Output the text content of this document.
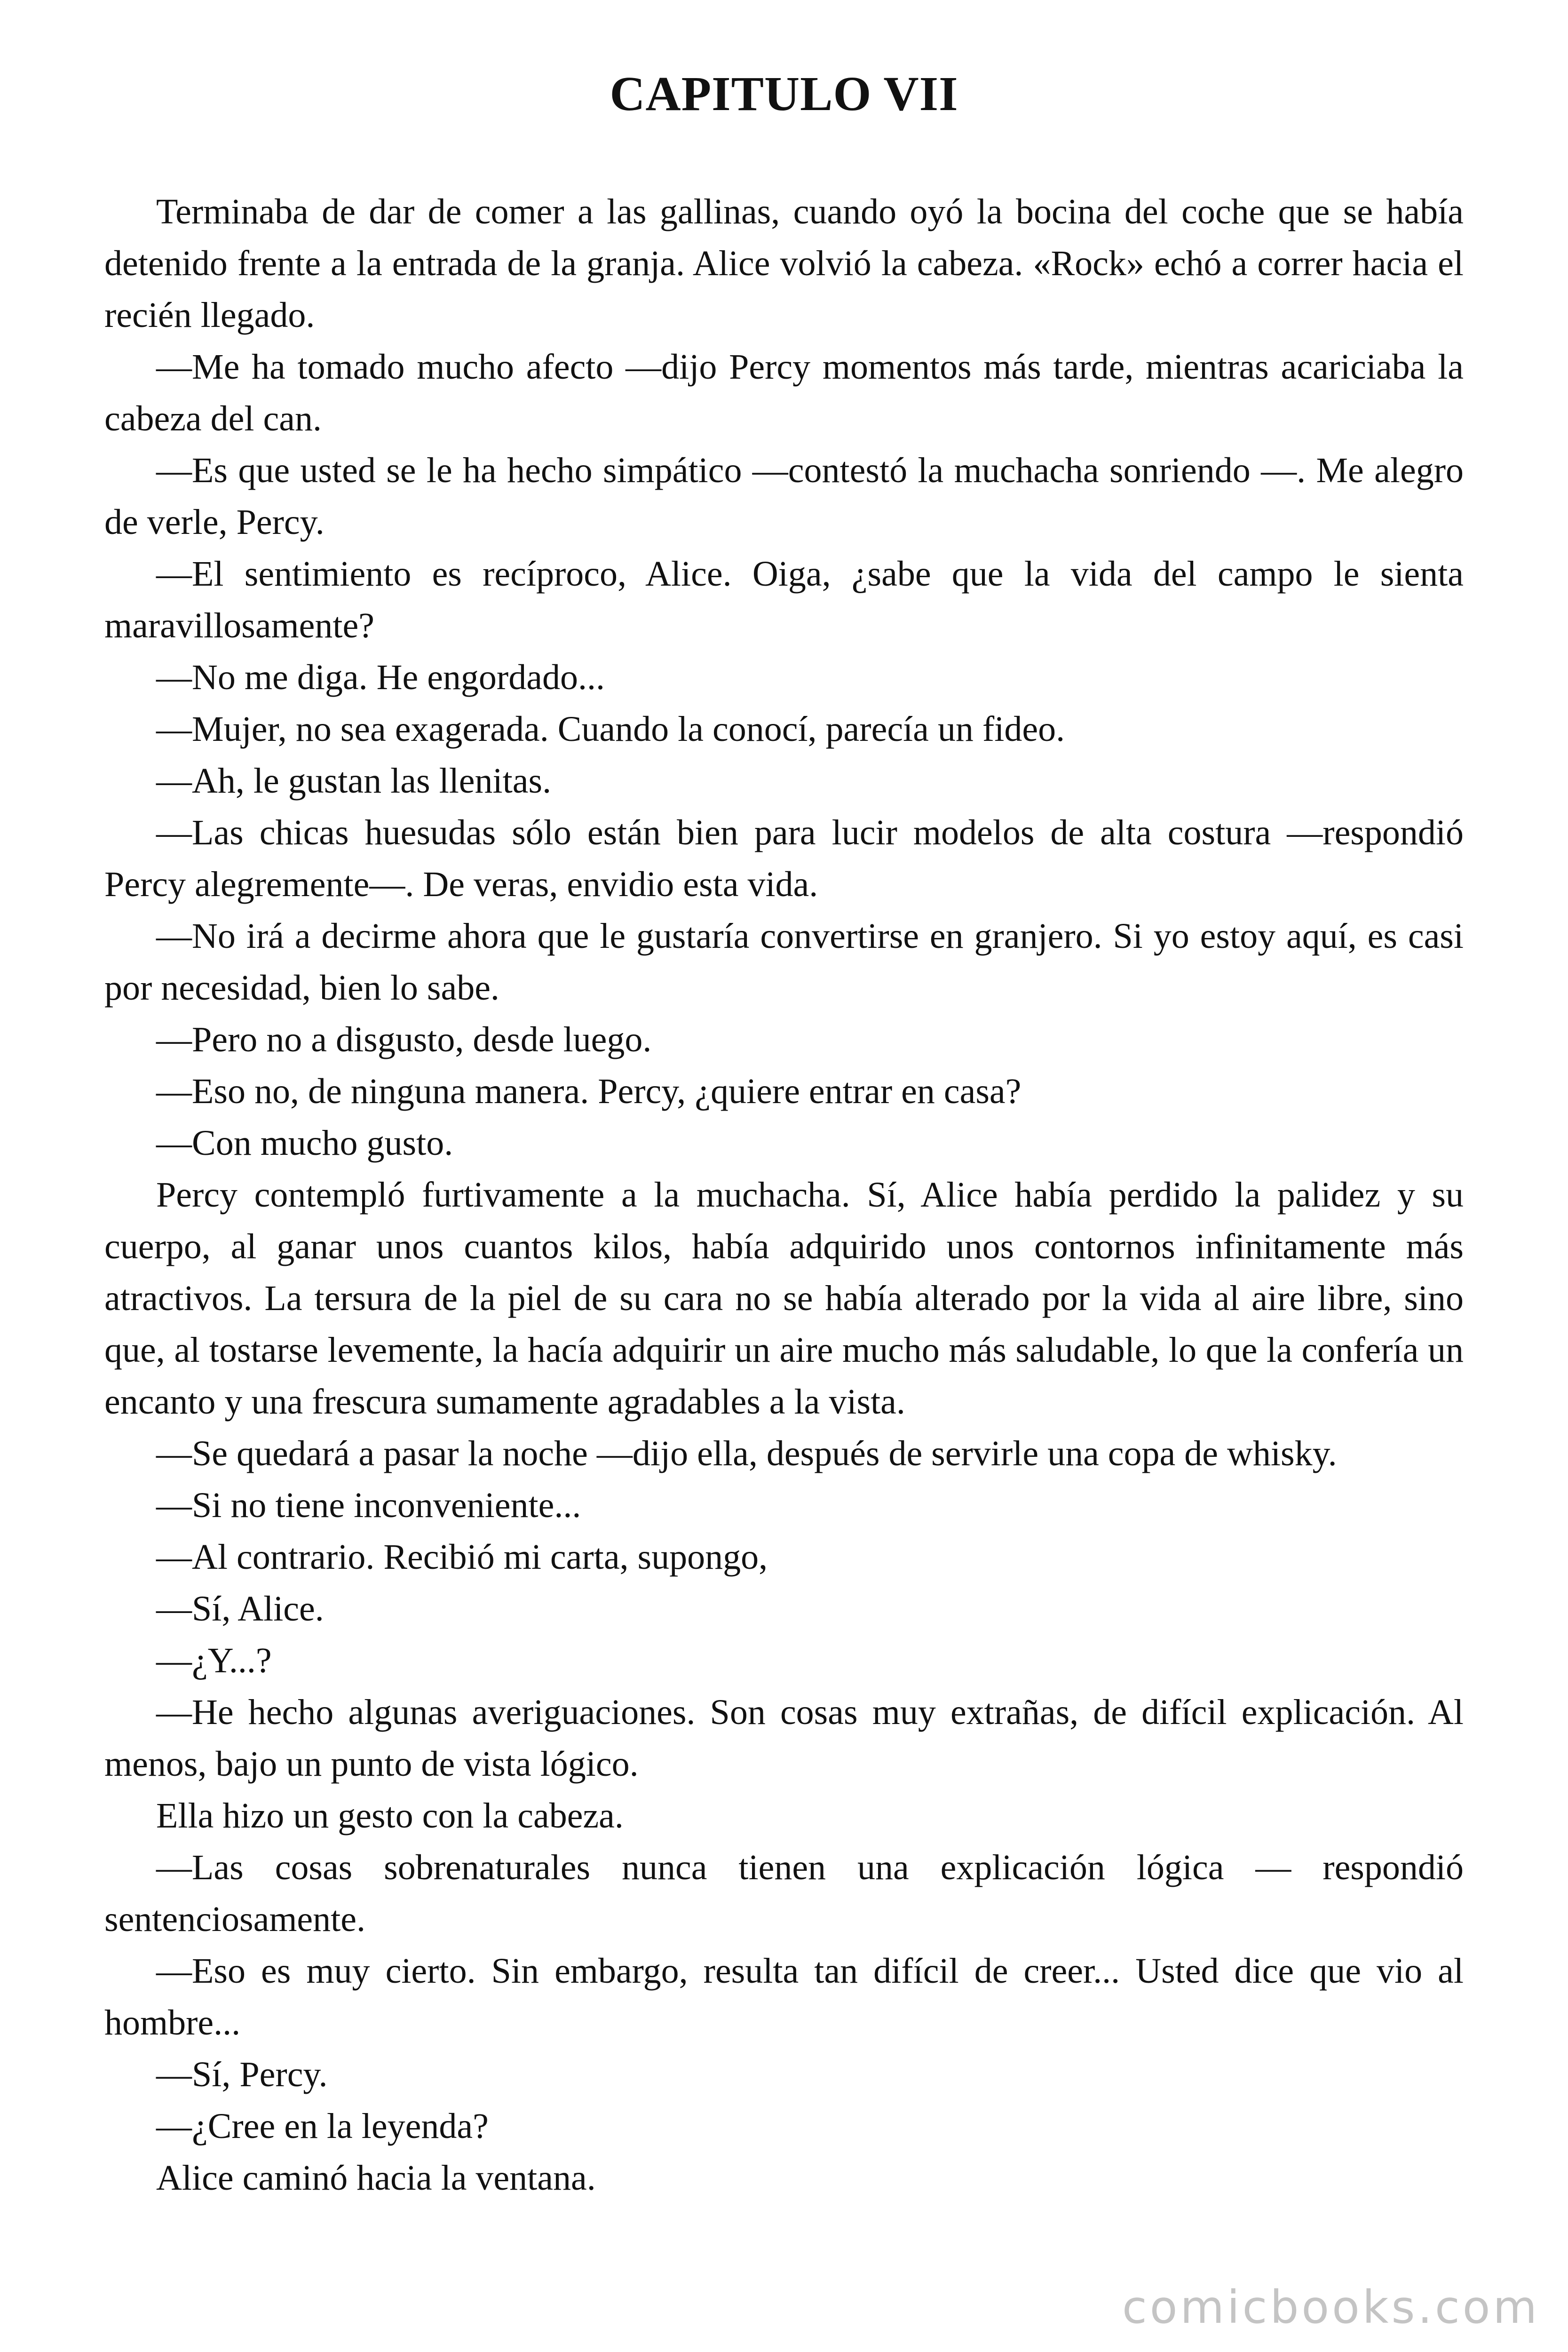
CAPITULO VII

Terminaba de dar de comer a las gallinas, cuando oyó la bocina del coche que se había detenido frente a la entrada de la granja. Alice volvió la cabeza. «Rock» echó a correr hacia el recién llegado.

—Me ha tomado mucho afecto —dijo Percy momentos más tarde, mientras acariciaba la cabeza del can.

—Es que usted se le ha hecho simpático —contestó la muchacha sonriendo —. Me alegro de verle, Percy.

—El sentimiento es recíproco, Alice. Oiga, ¿sabe que la vida del campo le sienta maravillosamente?

—No me diga. He engordado...

—Mujer, no sea exagerada. Cuando la conocí, parecía un fideo.

—Ah, le gustan las llenitas.

—Las chicas huesudas sólo están bien para lucir modelos de alta costura —respondió Percy alegremente—. De veras, envidio esta vida.

—No irá a decirme ahora que le gustaría convertirse en granjero. Si yo estoy aquí, es casi por necesidad, bien lo sabe.

—Pero no a disgusto, desde luego.

—Eso no, de ninguna manera. Percy, ¿quiere entrar en casa?

—Con mucho gusto.

Percy contempló furtivamente a la muchacha. Sí, Alice había perdido la palidez y su cuerpo, al ganar unos cuantos kilos, había adquirido unos contornos infinitamente más atractivos. La tersura de la piel de su cara no se había alterado por la vida al aire libre, sino que, al tostarse levemente, la hacía adquirir un aire mucho más saludable, lo que la confería un encanto y una frescura sumamente agradables a la vista.

—Se quedará a pasar la noche —dijo ella, después de servirle una copa de whisky.

—Si no tiene inconveniente...

—Al contrario. Recibió mi carta, supongo,

—Sí, Alice.

—¿Y...?

—He hecho algunas averiguaciones. Son cosas muy extrañas, de difícil explicación. Al menos, bajo un punto de vista lógico.

Ella hizo un gesto con la cabeza.

—Las cosas sobrenaturales nunca tienen una explicación lógica — respondió sentenciosamente.

—Eso es muy cierto. Sin embargo, resulta tan difícil de creer... Usted dice que vio al hombre...

—Sí, Percy.

—¿Cree en la leyenda?

Alice caminó hacia la ventana.

comicbooks.com
